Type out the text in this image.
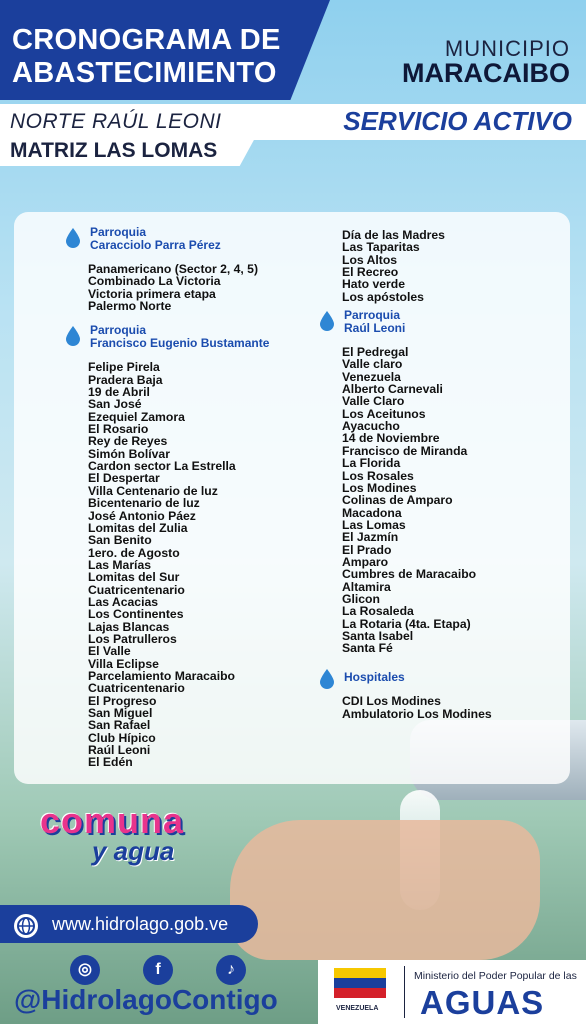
CRONOGRAMA DE
ABASTECIMIENTO
MUNICIPIO
MARACAIBO
NORTE RAÚL LEONI
MATRIZ LAS LOMAS
SERVICIO ACTIVO
Parroquia
Caracciolo Parra Pérez
Panamericano (Sector 2, 4, 5)
Combinado La Victoria
Victoria primera etapa
Palermo Norte
Parroquia
Francisco Eugenio Bustamante
Felipe Pirela
Pradera Baja
19 de Abril
San José
Ezequiel Zamora
El Rosario
Rey de Reyes
Simón Bolívar
Cardon sector La Estrella
El Despertar
Villa Centenario de luz
Bicentenario de luz
José Antonio Páez
Lomitas del Zulia
San Benito
1ero. de Agosto
Las Marías
Lomitas del Sur
Cuatricentenario
Las Acacias
Los Continentes
Lajas Blancas
Los Patrulleros
El Valle
Villa Eclipse
Parcelamiento Maracaibo
Cuatricentenario
El Progreso
San Miguel
San Rafael
Club Hípico
Raúl Leoni
El Edén
Día de las Madres
Las Taparitas
Los Altos
El Recreo
Hato verde
Los apóstoles
Parroquia
Raúl Leoni
El Pedregal
Valle claro
Venezuela
Alberto Carnevali
Valle Claro
Los Aceitunos
Ayacucho
14 de Noviembre
Francisco de Miranda
La Florida
Los Rosales
Los Modines
Colinas de Amparo
Macadona
Las Lomas
El Jazmín
El Prado
Amparo
Cumbres de Maracaibo
Altamira
Glicon
La Rosaleda
La Rotaria (4ta. Etapa)
Santa Isabel
Santa Fé
Hospitales
CDI Los Modines
Ambulatorio Los Modines
comuna
y agua
www.hidrolago.gob.ve
◎	f	♪
@HidrolagoContigo	VENEZUELA
Ministerio del Poder Popular de las
AGUAS
